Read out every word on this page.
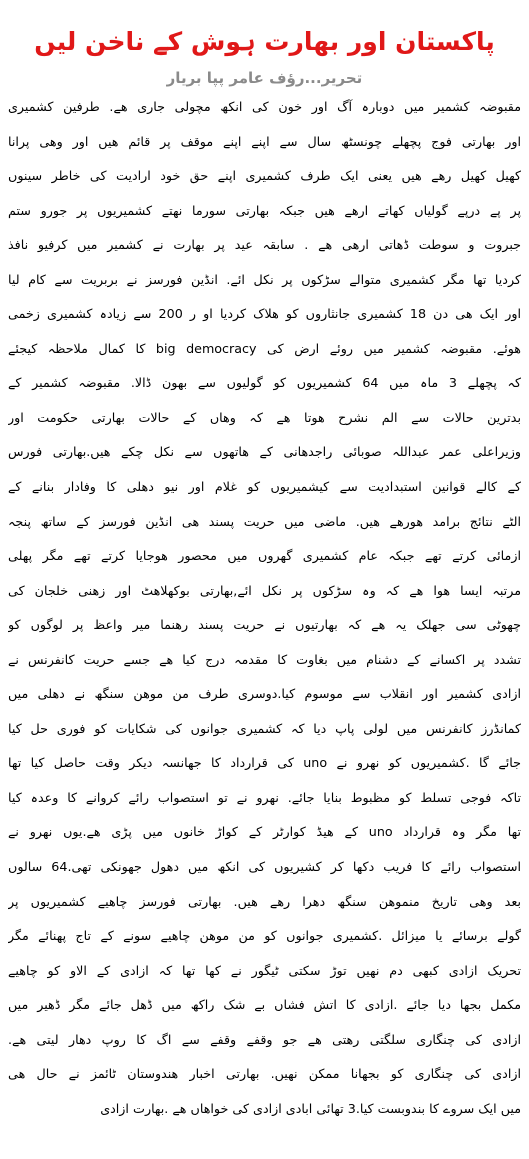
پاکستان اور بھارت ہوش کے ناخن لیں
تحریر...رؤف عامر پپا بریار
مقبوضہ کشمیر میں دوبارہ آگ اور خون کی انکھ مچولی جاری ھے. طرفین کشمیری
اور بھارتی فوج پچھلے چونسٹھ سال سے اپنے اپنے موقف پر قائم ھیں اور وھی پرانا
کھیل کھیل رھے ھیں یعنی ایک طرف کشمیری اپنے حق خود ارادیت کی خاطر سینوں
پر پے درپے گولیاں کھاتے ارھے ھیں جبکہ بھارتی سورما نھتے کشمیریوں پر جورو ستم
جبروت و سوطت ڈھاتی ارھی ھے . سابقہ عید پر بھارت نے کشمیر میں کرفیو نافذ
کردیا تھا مگر کشمیری متوالے سڑکوں پر نکل ائے. انڈین فورسز نے بربریت سے کام لیا
اور ایک ھی دن 18 کشمیری جانثاروں کو ھلاک کردیا او ر 200 سے زیادہ کشمیری زخمی
ھوئے. مقبوضہ کشمیر میں روئے ارض کی big democracy کا کمال ملاحظہ کیجئے
کہ پچھلے 3 ماہ میں 64 کشمیریوں کو گولیوں سے بھون ڈالا. مقبوضہ کشمیر کے
بدترین حالات سے الم نشرح ھوتا ھے کہ وھاں کے حالات بھارتی حکومت اور
وزیراعلی عمر عبداللہ صوبائی راجدھانی کے ھاتھوں سے نکل چکے ھیں.بھارتی فورس
کے کالے قوانین استبدادیت سے کیشمیریوں کو غلام اور نیو دھلی کا وفادار بنانے کے
الٹے نتائج برامد ھورھے ھیں. ماضی میں حریت پسند ھی انڈین فورسز کے ساتھ پنجہ
ازمائی کرتے تھے جبکہ عام کشمیری گھروں میں محصور ھوجایا کرتے تھے مگر پھلی
مرتبہ ایسا ھوا ھے کہ وہ سڑکوں پر نکل ائے,بھارتی بوکھلاھٹ اور زھنی خلجان کی
چھوٹی سی جھلک یہ ھے کہ بھارتیوں نے حریت پسند رھنما میر واعظ پر لوگوں کو
تشدد پر اکسانے کے دشنام میں بغاوت کا مقدمہ درج کیا ھے جسے حریت کانفرنس نے
ازادی کشمیر اور انقلاب سے موسوم کیا.دوسری طرف من موھن سنگھ نے دھلی میں
کمانڈرز کانفرنس میں لولی پاپ دیا کہ کشمیری جوانوں کی شکایات کو فوری حل کیا
جائے گا .کشمیریوں کو نھرو نے uno کی قرارداد کا جھانسہ دیکر وقت حاصل کیا تھا
تاکہ فوجی تسلط کو مظبوط بنایا جائے. نھرو نے تو استصواب رائے کروانے کا وعدہ کیا
تھا مگر وہ قرارداد uno کے ھیڈ کوارٹر کے کواڑ خانوں میں پڑی ھے.یوں نھرو نے
استصواب رائے کا فریب دکھا کر کشیریوں کی انکھ میں دھول جھونکی تھی.64 سالوں
بعد وھی تاریخ منموھن سنگھ دھرا رھے ھیں. بھارتی فورسز چاھیے کشمیریوں پر
گولے برسائے یا میزائل .کشمیری جوانوں کو من موھن چاھیے سونے کے تاج پھنائے مگر
تحریک ازادی کبھی دم نھیں توڑ سکتی ٹیگور نے کھا تھا کہ ازادی کے الاو کو چاھیے
مکمل بجھا دیا جائے .ازادی کا اتش فشاں بے شک راکھ میں ڈھل جائے مگر ڈھیر میں
ازادی کی چنگاری سلگتی رھتی ھے جو وقفے وقفے سے اگ کا روپ دھار لیتی ھے.
ازادی کی چنگاری کو بجھانا ممکن نھیں. بھارتی اخبار ھندوستان ٹائمز نے حال ھی
میں ایک سروے کا بندوبست کیا.3 تھائی ابادی ازادی کی خواھاں ھے .بھارت ازادی
